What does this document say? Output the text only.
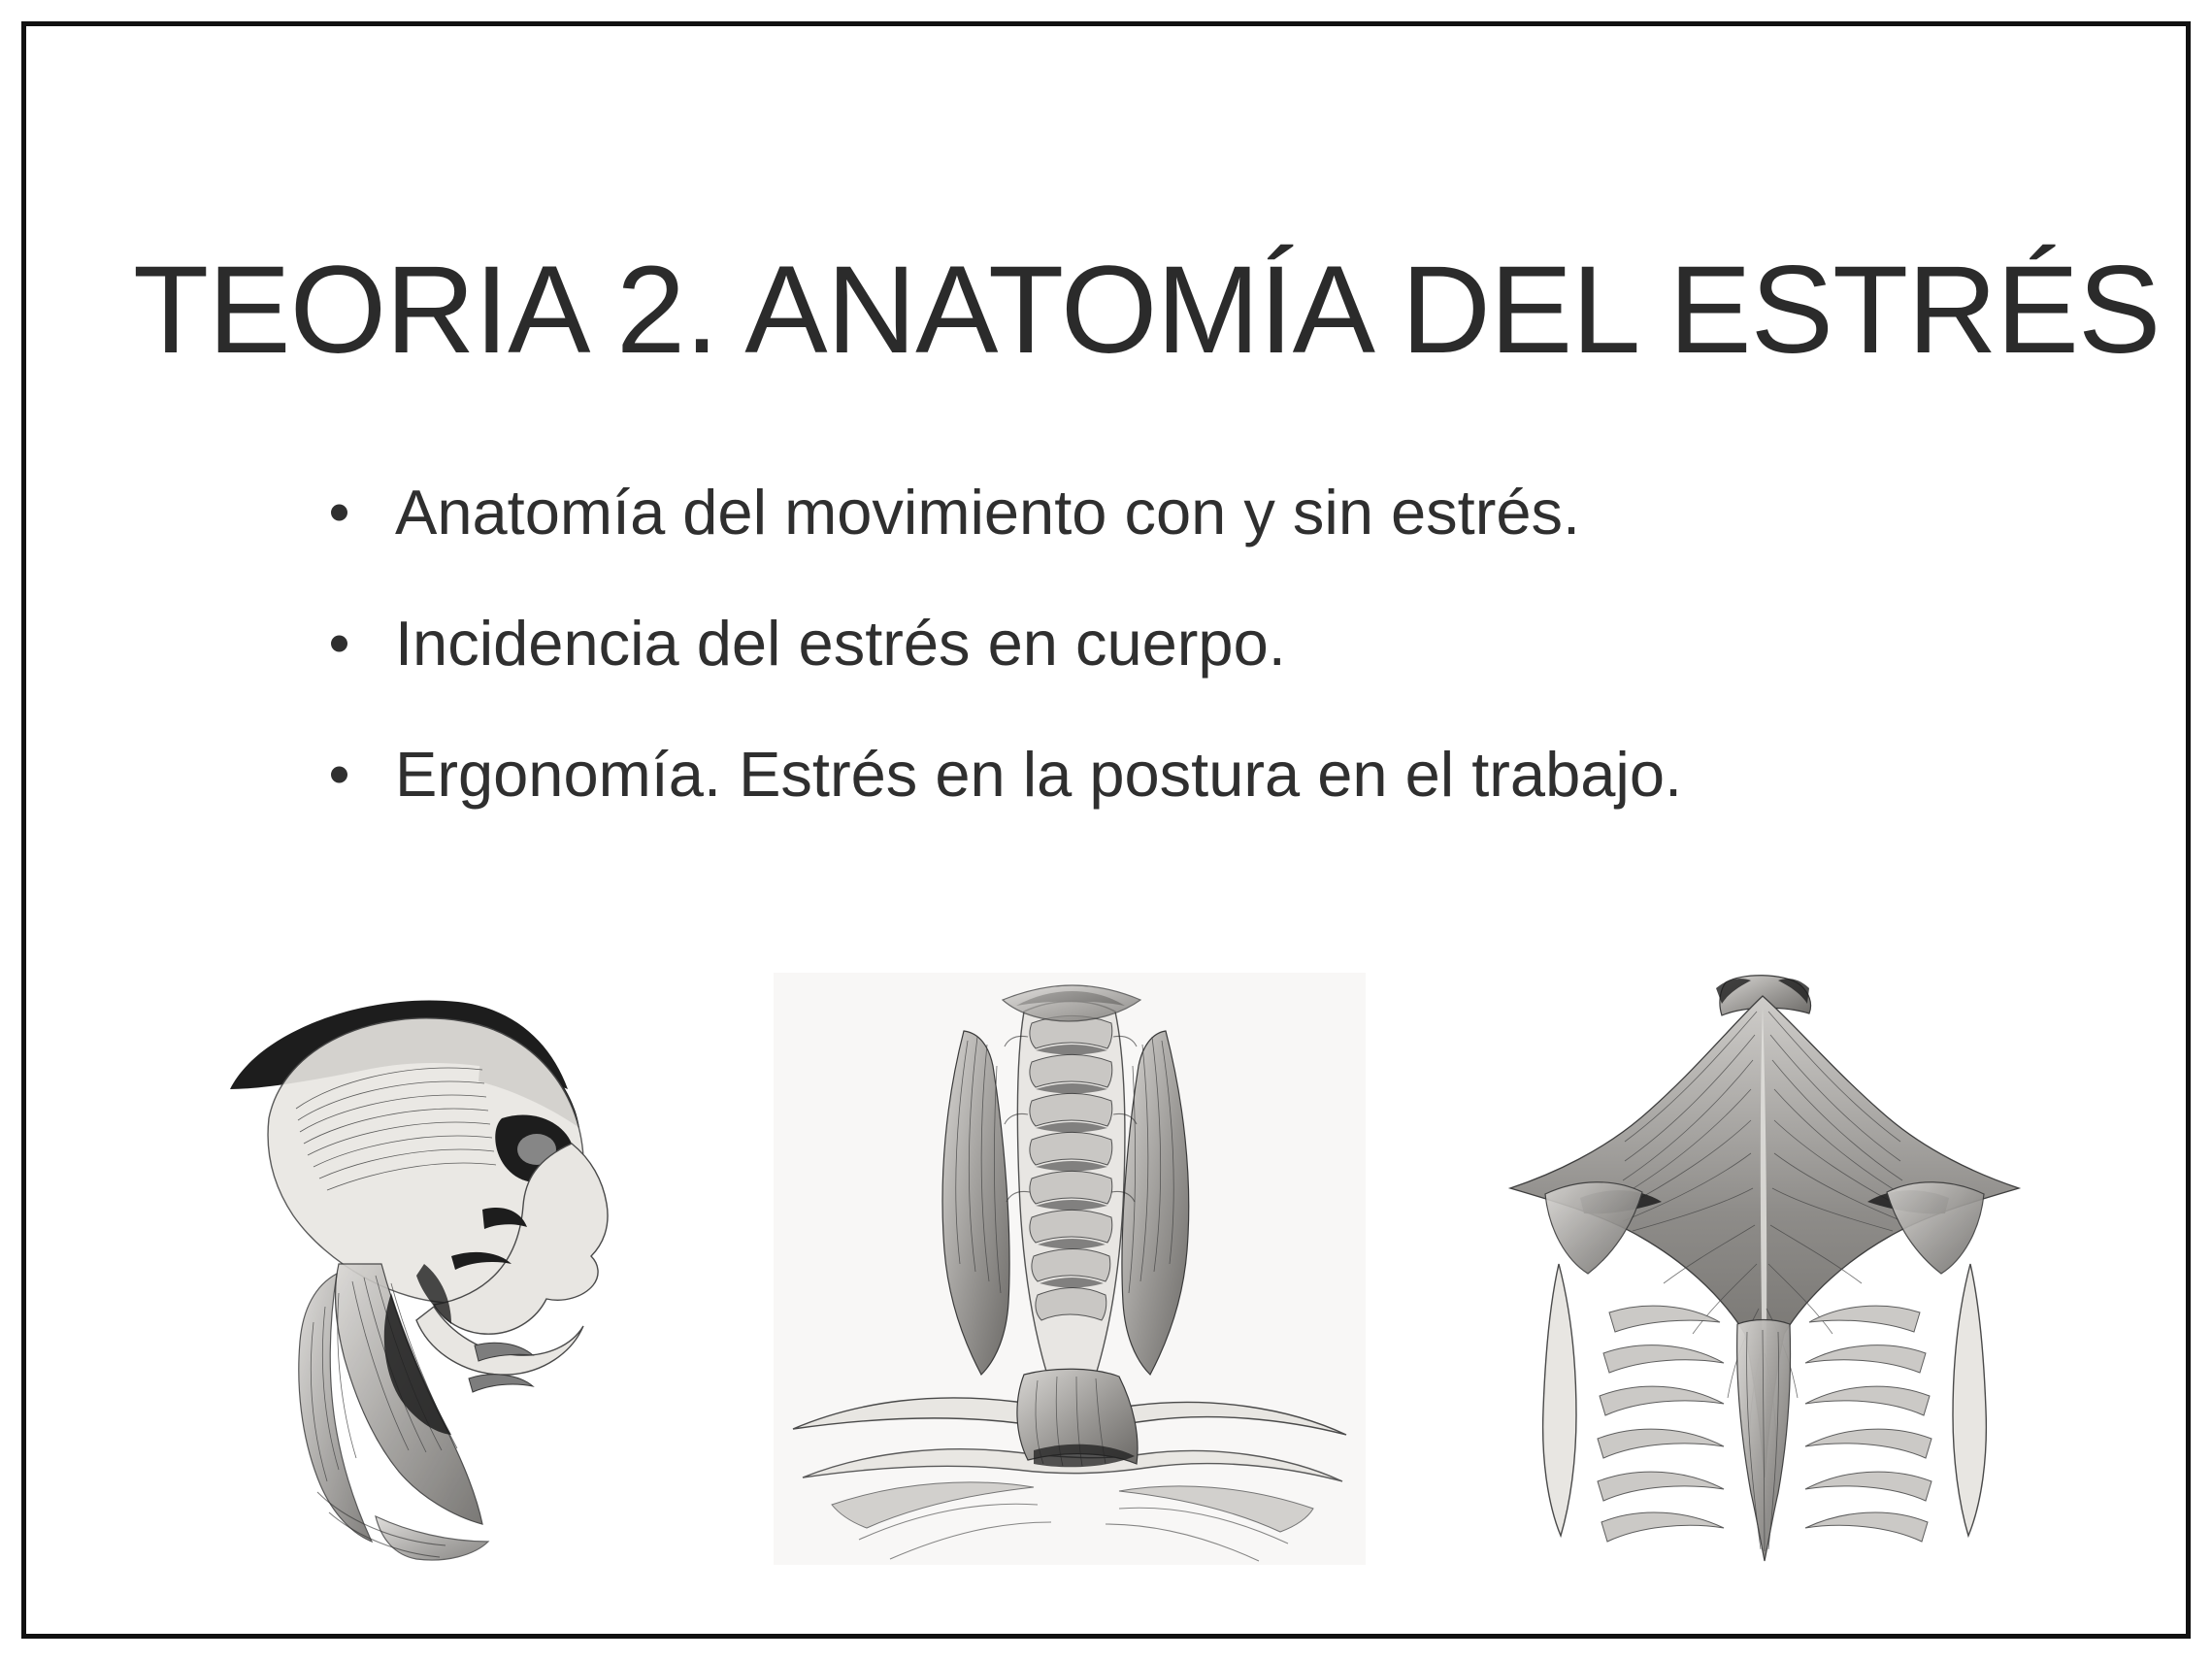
TEORIA 2. ANATOMÍA DEL ESTRÉS
Anatomía del movimiento con y sin estrés.
Incidencia del estrés en cuerpo.
Ergonomía. Estrés en la postura en el trabajo.
